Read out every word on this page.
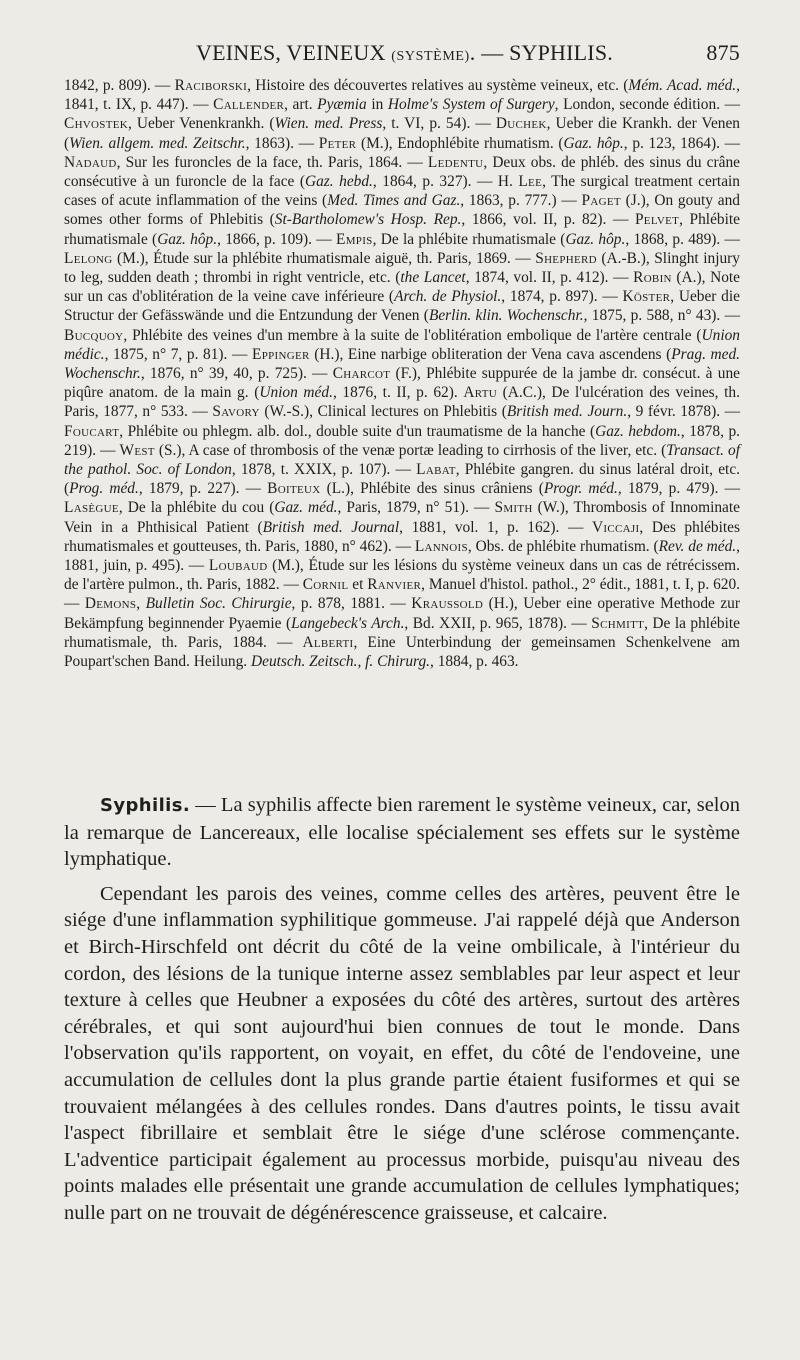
VEINES, VEINEUX (SYSTÈME). — SYPHILIS.	875

1842, p. 809). — Raciborski, Histoire des découvertes relatives au système veineux, etc. (Mém. Acad. méd., 1841, t. IX, p. 447). — Callender, art. Pyæmia in Holme's System of Surgery, London, seconde édition. — Chvostek, Ueber Venenkrankh. (Wien. med. Press, t. VI, p. 54). — Duchek, Ueber die Krankh. der Venen (Wien. allgem. med. Zeitschr., 1863). — Peter (M.), Endophlébite rhumatism. (Gaz. hôp., p. 123, 1864). — Nadaud, Sur les furoncles de la face, th. Paris, 1864. — Ledentu, Deux obs. de phléb. des sinus du crâne consécutive à un furoncle de la face (Gaz. hebd., 1864, p. 327). — H. Lee, The surgical treatment certain cases of acute inflammation of the veins (Med. Times and Gaz., 1863, p. 777.) — Paget (J.), On gouty and somes other forms of Phlebitis (St-Bartholomew's Hosp. Rep., 1866, vol. II, p. 82). — Pelvet, Phlébite rhumatismale (Gaz. hôp., 1866, p. 109). — Empis, De la phlébite rhumatismale (Gaz. hôp., 1868, p. 489). — Lelong (M.), Étude sur la phlébite rhumatismale aiguë, th. Paris, 1869. — Shepherd (A.-B.), Slinght injury to leg, sudden death ; thrombi in right ventricle, etc. (the Lancet, 1874, vol. II, p. 412). — Robin (A.), Note sur un cas d'oblitération de la veine cave inférieure (Arch. de Physiol., 1874, p. 897). — Köster, Ueber die Structur der Gefässwände und die Entzundung der Venen (Berlin. klin. Wochenschr., 1875, p. 588, n° 43). — Bucquoy, Phlébite des veines d'un membre à la suite de l'oblitération embolique de l'artère centrale (Union médic., 1875, n° 7, p. 81). — Eppinger (H.), Eine narbige obliteration der Vena cava ascendens (Prag. med. Wochenschr., 1876, n° 39, 40, p. 725). — Charcot (F.), Phlébite suppurée de la jambe dr. consécut. à une piqûre anatom. de la main g. (Union méd., 1876, t. II, p. 62). Artu (A.C.), De l'ulcération des veines, th. Paris, 1877, n° 533. — Savory (W.-S.), Clinical lectures on Phlebitis (British med. Journ., 9 févr. 1878). — Foucart, Phlébite ou phlegm. alb. dol., double suite d'un traumatisme de la hanche (Gaz. hebdom., 1878, p. 219). — West (S.), A case of thrombosis of the venæ portæ leading to cirrhosis of the liver, etc. (Transact. of the pathol. Soc. of London, 1878, t. XXIX, p. 107). — Labat, Phlébite gangren. du sinus latéral droit, etc. (Prog. méd., 1879, p. 227). — Boiteux (L.), Phlébite des sinus crâniens (Progr. méd., 1879, p. 479). — Lasègue, De la phlébite du cou (Gaz. méd., Paris, 1879, n° 51). — Smith (W.), Thrombosis of Innominate Vein in a Phthisical Patient (British med. Journal, 1881, vol. 1, p. 162). — Viccaji, Des phlébites rhumatismales et goutteuses, th. Paris, 1880, n° 462). — Lannois, Obs. de phlébite rhumatism. (Rev. de méd., 1881, juin, p. 495). — Loubaud (M.), Étude sur les lésions du système veineux dans un cas de rétrécissem. de l'artère pulmon., th. Paris, 1882. — Cornil et Ranvier, Manuel d'histol. pathol., 2° édit., 1881, t. I, p. 620. — Demons, Bulletin Soc. Chirurgie, p. 878, 1881. — Kraussold (H.), Ueber eine operative Methode zur Bekämpfung beginnender Pyaemie (Langebeck's Arch., Bd. XXII, p. 965, 1878). — Schmitt, De la phlébite rhumatismale, th. Paris, 1884. — Alberti, Eine Unterbindung der gemeinsamen Schenkelvene am Poupart'schen Band. Heilung. Deutsch. Zeitsch., f. Chirurg., 1884, p. 463.

Syphilis. — La syphilis affecte bien rarement le système veineux, car, selon la remarque de Lancereaux, elle localise spécialement ses effets sur le système lymphatique.

Cependant les parois des veines, comme celles des artères, peuvent être le siége d'une inflammation syphilitique gommeuse. J'ai rappelé déjà que Anderson et Birch-Hirschfeld ont décrit du côté de la veine ombilicale, à l'intérieur du cordon, des lésions de la tunique interne assez semblables par leur aspect et leur texture à celles que Heubner a exposées du côté des artères, surtout des artères cérébrales, et qui sont aujourd'hui bien connues de tout le monde. Dans l'observation qu'ils rapportent, on voyait, en effet, du côté de l'endoveine, une accumulation de cellules dont la plus grande partie étaient fusiformes et qui se trouvaient mélangées à des cellules rondes. Dans d'autres points, le tissu avait l'aspect fibrillaire et semblait être le siége d'une sclérose commençante. L'adventice participait également au processus morbide, puisqu'au niveau des points malades elle présentait une grande accumulation de cellules lymphatiques; nulle part on ne trouvait de dégénérescence graisseuse, et calcaire.
